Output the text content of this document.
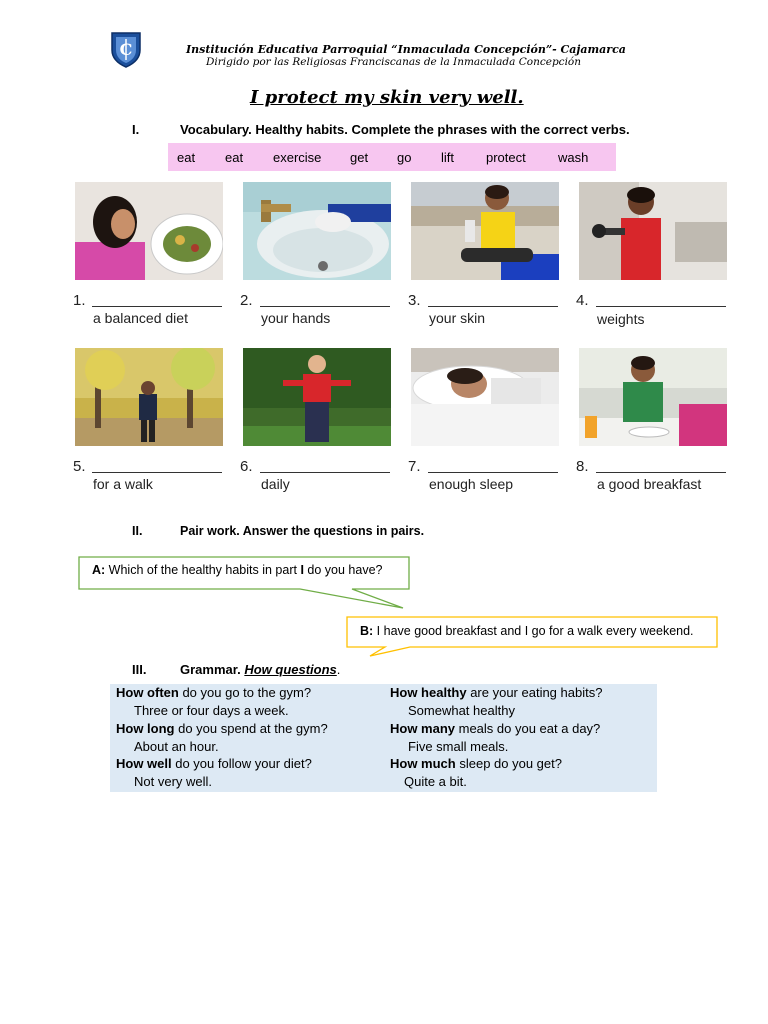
C	Institución Educativa Parroquial “Inmaculada Concepción”- Cajamarca
Dirigido por las Religiosas Franciscanas de la Inmaculada Concepción
I protect my skin very well.
I.	Vocabulary. Healthy habits. Complete the phrases with the correct verbs.
eat eat exercise get go lift protect wash
1.
a balanced diet
2.
your hands
3.
your skin
4.
weights
5.
for a walk
6.
daily
7.
enough sleep
8.
a good breakfast
II.	Pair work. Answer the questions in pairs.
A: Which of the healthy habits in part I do you have?
B: I have good breakfast and I go for a walk every weekend.
III.	Grammar. How questions.
How often do you go to the gym?
Three or four days a week.
How long do you spend at the gym?
About an hour.
How well do you follow your diet?
Not very well.
How healthy are your eating habits?
Somewhat healthy
How many meals do you eat a day?
Five small meals.
How much sleep do you get?
Quite a bit.
